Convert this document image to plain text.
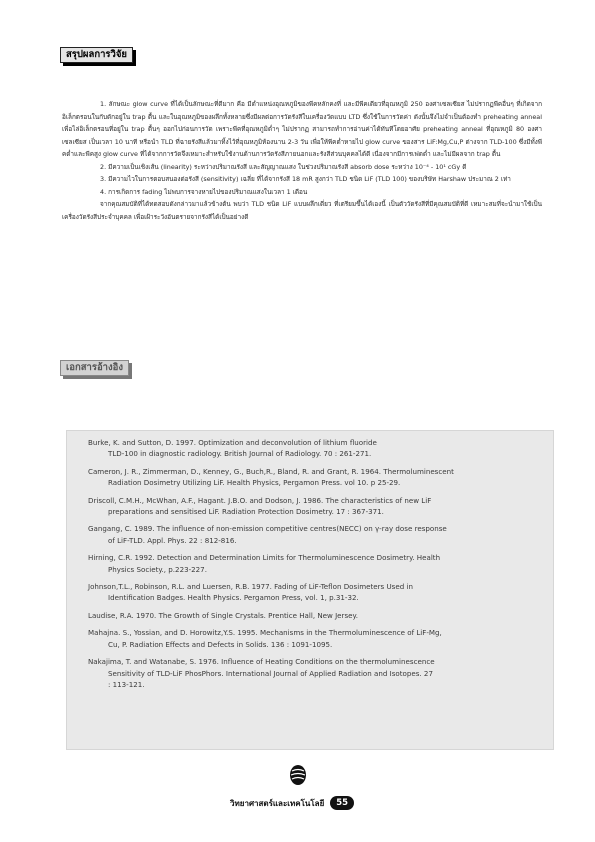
สรุปผลการวิจัย

1. ลักษณะ glow curve ที่ได้เป็นลักษณะที่ดีมาก คือ มีตำแหน่งอุณหภูมิของพีคหลักคงที่ และมีพีคเดียวที่อุณหภูมิ 250 องศาเซลเซียส ไม่ปรากฏพีคอื่นๆ ที่เกิดจากอิเล็กตรอนในกับดักอยู่ใน trap ตื้น และในอุณหภูมิของผลึกทั้งหลายซึ่งมีผลต่อการวัดรังสีในเครื่องวัดแบบ LTD ซึ่งใช้ในการวัดค่า ดังนั้นจึงไม่จำเป็นต้องทำ preheating anneal เพื่อไล่อิเล็กตรอนที่อยู่ใน trap ตื้นๆ ออกไปก่อนการวัด เพราะพีคที่อุณหภูมิต่ำๆ ไม่ปรากฏ สามารถทำการอ่านค่าได้ทันทีโดยอาศัย preheating anneal ที่อุณหภูมิ 80 องศาเซลเซียส เป็นเวลา 10 นาที หรือนำ TLD ที่ฉายรังสีแล้วมาทิ้งไว้ที่อุณหภูมิห้องนาน 2-3 วัน เพื่อให้พีคต่ำหายไป glow curve ของสาร LiF:Mg,Cu,P ต่างจาก TLD-100 ซึ่งมีทั้งพีคต่ำและพีคสูง glow curve ที่ได้จากการวัดจึงเหมาะสำหรับใช้งานด้านการวัดรังสีภายนอกและรังสีส่วนบุคคลได้ดี เนื่องจากมีการเฟดต่ำ และไม่มีผลจาก trap ตื้น

2. มีความเป็นเชิงเส้น (linearity) ระหว่างปริมาณรังสี และสัญญาณแสง ในช่วงปริมาณรังสี absorb dose ระหว่าง 10⁻⁴ - 10¹ cGy ดี

3. มีความไวในการตอบสนองต่อรังสี (sensitivity) เฉลี่ย ที่ได้จากรังสี 18 mR สูงกว่า TLD ชนิด LiF (TLD 100) ของบริษัท Harshaw ประมาณ 2 เท่า

4. การเกิดการ fading ไม่พบการจางหายไปของปริมาณแสงในเวลา 1 เดือน

จากคุณสมบัติที่ได้ทดสอบดังกล่าวมาแล้วข้างต้น พบว่า TLD ชนิด LiF แบบผลึกเดี่ยว ที่เตรียมขึ้นได้เองนี้ เป็นตัววัดรังสีที่มีคุณสมบัติที่ดี เหมาะสมที่จะนำมาใช้เป็นเครื่องวัดรังสีประจำบุคคล เพื่อเฝ้าระวังอันตรายจากรังสีได้เป็นอย่างดี

เอกสารอ้างอิง
Burke, K. and Sutton, D. 1997. Optimization and deconvolution of lithium fluoride
TLD-100 in diagnostic radiology. British Journal of Radiology. 70 : 261-271.
Cameron, J. R., Zimmerman, D., Kenney, G., Buch,R., Bland, R. and Grant, R. 1964. Thermoluminescent
Radiation Dosimetry Utilizing LiF. Health Physics, Pergamon Press. vol 10. p 25-29.
Driscoll, C.M.H., McWhan, A.F., Hagant. J.B.O. and Dodson, J. 1986. The characteristics of new LiF
preparations and sensitised LiF. Radiation Protection Dosimetry. 17 : 367-371.
Gangang, C. 1989. The influence of non-emission competitive centres(NECC) on γ-ray dose response
of LiF-TLD. Appl. Phys. 22 : 812-816.
Hirning, C.R. 1992. Detection and Determination Limits for Thermoluminescence Dosimetry. Health
Physics Society., p.223-227.
Johnson,T.L., Robinson, R.L. and Luersen, R.B. 1977. Fading of LiF-Teflon Dosimeters Used in
Identification Badges. Health Physics. Pergamon Press, vol. 1, p.31-32.
Laudise, R.A. 1970. The Growth of Single Crystals. Prentice Hall, New Jersey.
Mahajna. S., Yossian, and D. Horowitz,Y.S. 1995. Mechanisms in the Thermoluminescence of LiF-Mg,
Cu, P. Radiation Effects and Defects in Solids. 136 : 1091-1095.
Nakajima, T. and Watanabe, S. 1976. Influence of Heating Conditions on the thermoluminescence
Sensitivity of TLD-LiF PhosPhors. International Journal of Applied Radiation and Isotopes. 27
: 113-121.
วิทยาศาสตร์และเทคโนโลยี	55
